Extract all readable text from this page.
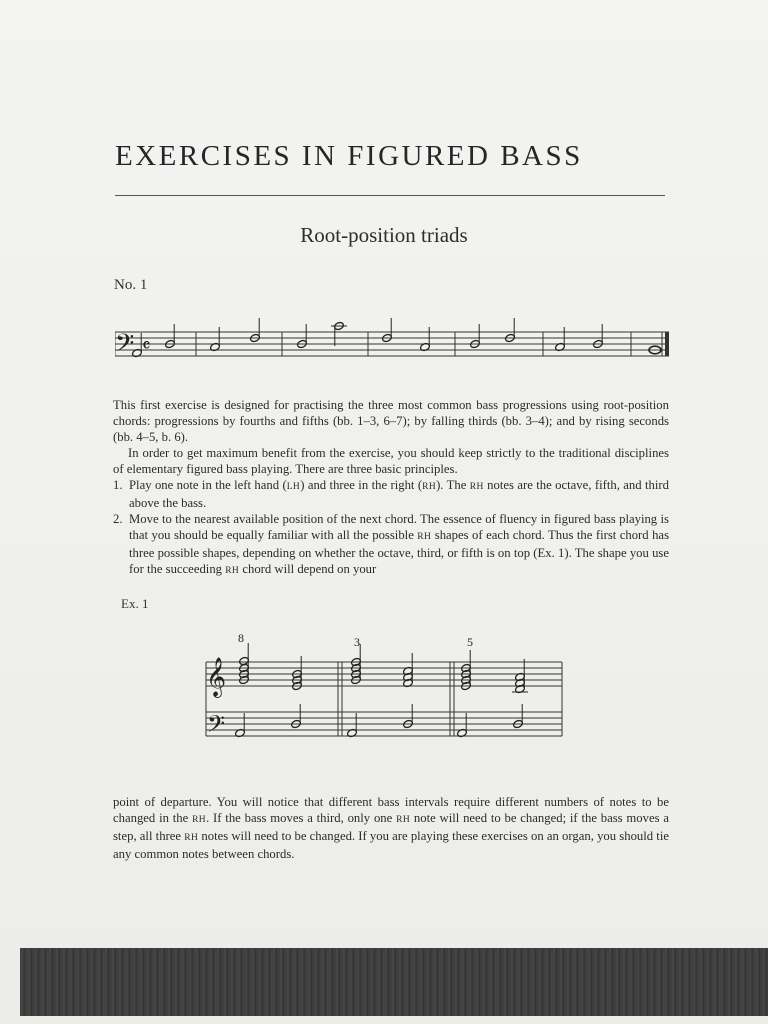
EXERCISES IN FIGURED BASS
Root-position triads
No. 1
𝄢 𝄴

This first exercise is designed for practising the three most common bass progressions using root-position chords: progressions by fourths and fifths (bb. 1–3, 6–7); by falling thirds (bb. 3–4); and by rising seconds (bb. 4–5, b. 6).

In order to get maximum benefit from the exercise, you should keep strictly to the traditional disciplines of elementary figured bass playing. There are three basic principles.

1. Play one note in the left hand (LH) and three in the right (RH). The RH notes are the octave, fifth, and third above the bass.

2. Move to the nearest available position of the next chord. The essence of fluency in figured bass playing is that you should be equally familiar with all the possible RH shapes of each chord. Thus the first chord has three possible shapes, depending on whether the octave, third, or fifth is on top (Ex. 1). The shape you use for the succeeding RH chord will depend on your

Ex. 1
8	3	5
𝄞
𝄢

point of departure. You will notice that different bass intervals require different numbers of notes to be changed in the RH. If the bass moves a third, only one RH note will need to be changed; if the bass moves a step, all three RH notes will need to be changed. If you are playing these exercises on an organ, you should tie any common notes between chords.
